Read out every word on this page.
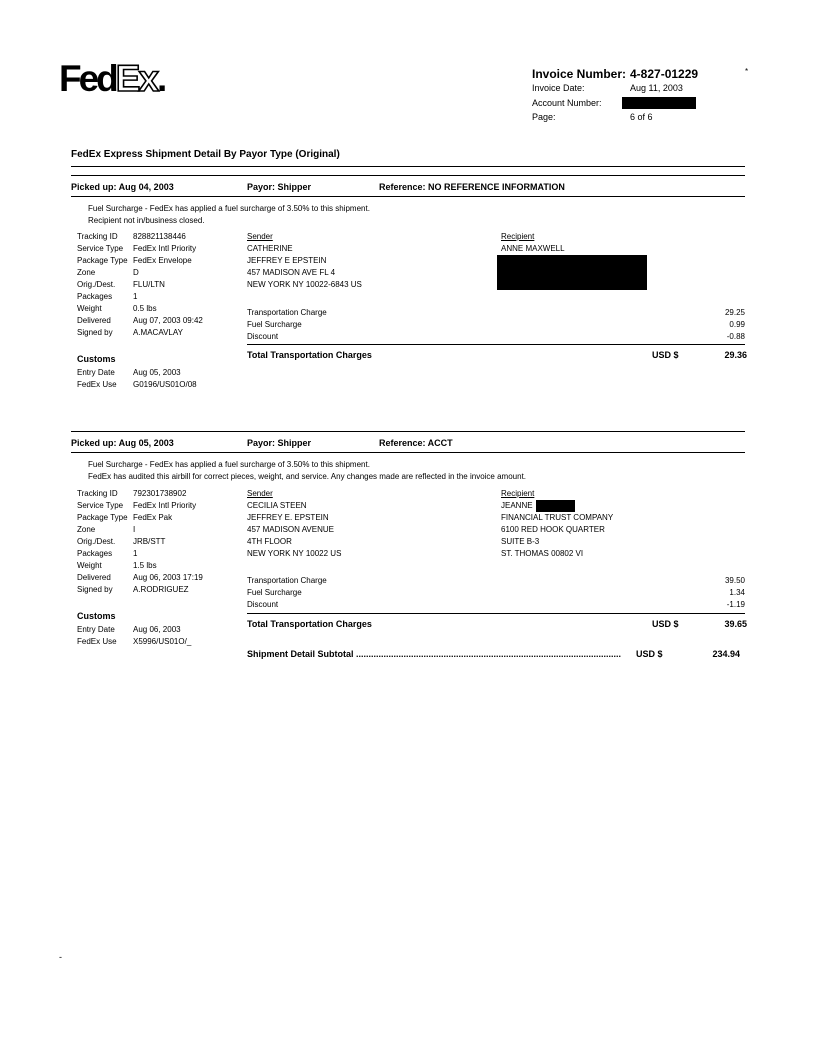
FedEx.	Invoice Number: 4-827-01229	*
Invoice Date:	Aug 11, 2003
Account Number:
Page:	6 of 6
FedEx Express Shipment Detail By Payor Type (Original)
Picked up: Aug 04, 2003	Payor: Shipper	Reference: NO REFERENCE INFORMATION
Fuel Surcharge - FedEx has applied a fuel surcharge of 3.50% to this shipment.
Recipient not in/business closed.
Tracking ID 828821138446
Service Type FedEx Intl Priority
Package Type FedEx Envelope
Zone	D
Orig./Dest. FLU/LTN
Packages	1
Weight	0.5 lbs
Delivered	Aug 07, 2003 09:42
Signed by	A.MACAVLAY
Sender
CATHERINE
JEFFREY E EPSTEIN
457 MADISON AVE FL 4
NEW YORK NY 10022-6843 US
Recipient
ANNE MAXWELL
Transportation Charge	29.25
Fuel Surcharge	0.99
Discount	-0.88
Total Transportation Charges	USD $	29.36
Customs
Entry Date Aug 05, 2003
FedEx Use G0196/US01O/08
Picked up: Aug 05, 2003	Payor: Shipper	Reference: ACCT
Fuel Surcharge - FedEx has applied a fuel surcharge of 3.50% to this shipment.
FedEx has audited this airbill for correct pieces, weight, and service. Any changes made are reflected in the invoice amount.
Tracking ID 792301738902
Service Type FedEx Intl Priority
Package Type FedEx Pak
Zone	I
Orig./Dest. JRB/STT
Packages	1
Weight	1.5 lbs
Delivered	Aug 06, 2003 17:19
Signed by	A.RODRIGUEZ
Sender
CECILIA STEEN
JEFFREY E. EPSTEIN
457 MADISON AVENUE
4TH FLOOR
NEW YORK NY 10022 US
Recipient
JEANNE
FINANCIAL TRUST COMPANY
6100 RED HOOK QUARTER
SUITE B-3
ST. THOMAS 00802 VI
Transportation Charge	39.50
Fuel Surcharge	1.34
Discount	-1.19
Total Transportation Charges	USD $	39.65
Customs
Entry Date Aug 06, 2003
FedEx Use X5996/US01O/_
Shipment Detail Subtotal ..........................................................................................................	USD $	234.94
-
